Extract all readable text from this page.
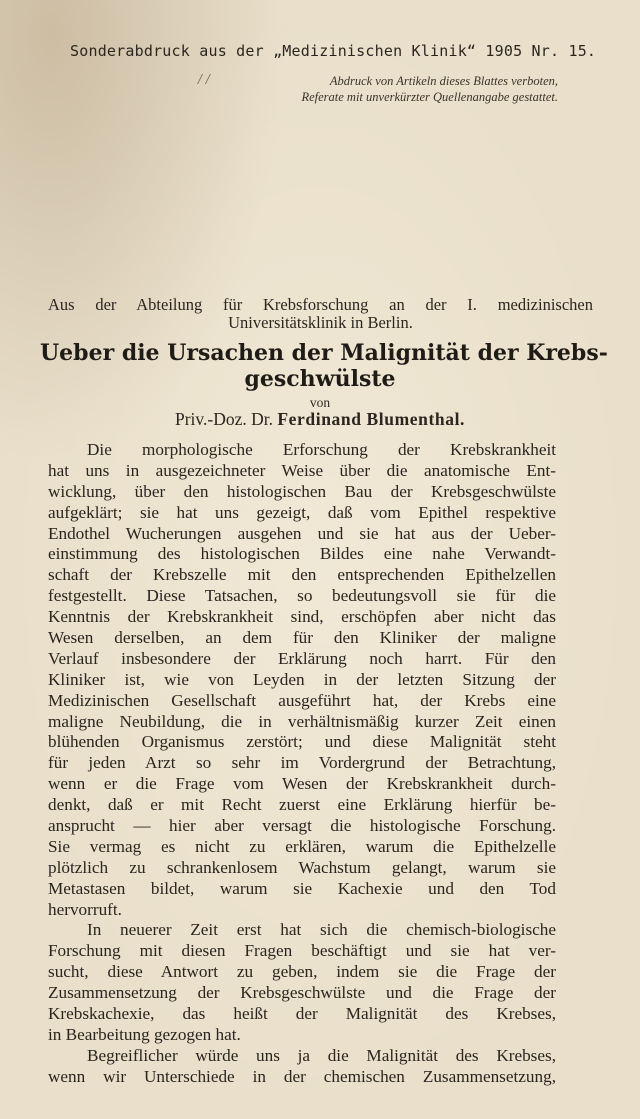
Sonderabdruck aus der „Medizinischen Klinik“ 1905 Nr. 15.
/ /	Abdruck von Artikeln dieses Blattes verboten,
Referate mit unverkürzter Quellenangabe gestattet.
Aus der Abteilung für Krebsforschung an der I. medizinischen
Universitätsklinik in Berlin.
Ueber die Ursachen der Malignität der Krebs-
geschwülste
von
Priv.-Doz. Dr. Ferdinand Blumenthal.
Die morphologische Erforschung der Krebskrankheit
hat uns in ausgezeichneter Weise über die anatomische Ent-
wicklung, über den histologischen Bau der Krebsgeschwülste
aufgeklärt; sie hat uns gezeigt, daß vom Epithel respektive
Endothel Wucherungen ausgehen und sie hat aus der Ueber-
einstimmung des histologischen Bildes eine nahe Verwandt-
schaft der Krebszelle mit den entsprechenden Epithelzellen
festgestellt. Diese Tatsachen, so bedeutungsvoll sie für die
Kenntnis der Krebskrankheit sind, erschöpfen aber nicht das
Wesen derselben, an dem für den Kliniker der maligne
Verlauf insbesondere der Erklärung noch harrt. Für den
Kliniker ist, wie von Leyden in der letzten Sitzung der
Medizinischen Gesellschaft ausgeführt hat, der Krebs eine
maligne Neubildung, die in verhältnismäßig kurzer Zeit einen
blühenden Organismus zerstört; und diese Malignität steht
für jeden Arzt so sehr im Vordergrund der Betrachtung,
wenn er die Frage vom Wesen der Krebskrankheit durch-
denkt, daß er mit Recht zuerst eine Erklärung hierfür be-
ansprucht — hier aber versagt die histologische Forschung.
Sie vermag es nicht zu erklären, warum die Epithelzelle
plötzlich zu schrankenlosem Wachstum gelangt, warum sie
Metastasen bildet, warum sie Kachexie und den Tod
hervorruft.
In neuerer Zeit erst hat sich die chemisch-biologische
Forschung mit diesen Fragen beschäftigt und sie hat ver-
sucht, diese Antwort zu geben, indem sie die Frage der
Zusammensetzung der Krebsgeschwülste und die Frage der
Krebskachexie, das heißt der Malignität des Krebses,
in Bearbeitung gezogen hat.
Begreiflicher würde uns ja die Malignität des Krebses,
wenn wir Unterschiede in der chemischen Zusammensetzung,
